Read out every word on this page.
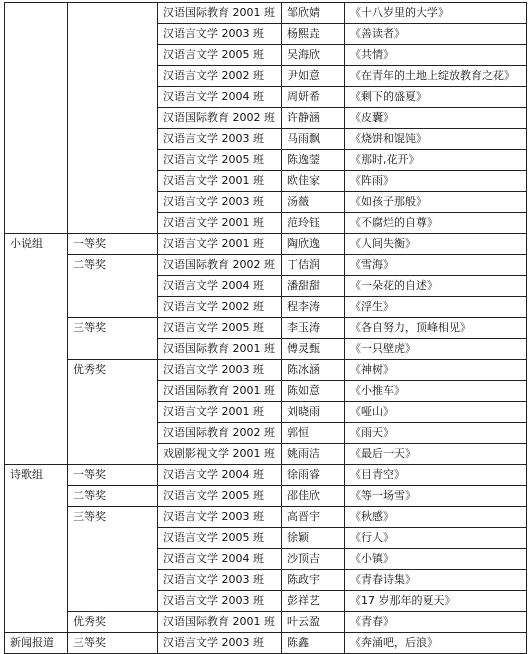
		汉语国际教育 2001 班	邹欣婧	《十八岁里的大学》
		汉语言文学 2003 班	杨熙垚	《善读者》
		汉语言文学 2005 班	吴海欣	《共情》
		汉语言文学 2002 班	尹如意	《在青年的土地上绽放教育之花》
		汉语言文学 2004 班	周妍希	《剩下的盛夏》
		汉语国际教育 2002 班	许静涵	《皮囊》
		汉语言文学 2003 班	马雨飘	《烧饼和馄饨》
		汉语言文学 2005 班	陈逸蓥	《那时,花开》
		汉语言文学 2001 班	欧佳家	《阵雨》
		汉语言文学 2003 班	汤薇	《如孩子那般》
		汉语言文学 2001 班	范玲钰	《不腐烂的自尊》
小说组	一等奖	汉语言文学 2001 班	陶欣逸	《人间失衡》
	二等奖	汉语国际教育 2002 班	丁佶润	《雪海》
		汉语言文学 2004 班	潘甜甜	《一朵花的自述》
		汉语言文学 2002 班	程李涛	《浮生》
	三等奖	汉语言文学 2005 班	李玉涛	《各自努力，顶峰相见》
		汉语国际教育 2001 班	傅灵甄	《一只壁虎》
	优秀奖	汉语言文学 2003 班	陈冰涵	《神树》
		汉语国际教育 2001 班	陈如意	《小推车》
		汉语言文学 2001 班	刘晓雨	《哑山》
		汉语国际教育 2002 班	郭恒	《雨天》
		戏剧影视文学 2001 班	姚雨洁	《最后一天》
诗歌组	一等奖	汉语言文学 2004 班	徐雨睿	《目青空》
	二等奖	汉语言文学 2005 班	邵佳欣	《等一场雪》
	三等奖	汉语言文学 2003 班	高晋宇	《秋感》
		汉语言文学 2005 班	徐颖	《行人》
		汉语言文学 2004 班	沙顶吉	《小镇》
		汉语言文学 2003 班	陈政宇	《青春诗集》
		汉语言文学 2003 班	彭祥艺	《17 岁那年的夏天》
	优秀奖	汉语国际教育 2001 班	叶云盈	《青春》
新闻报道	三等奖	汉语言文学 2003 班	陈鑫	《奔涌吧，后浪》
